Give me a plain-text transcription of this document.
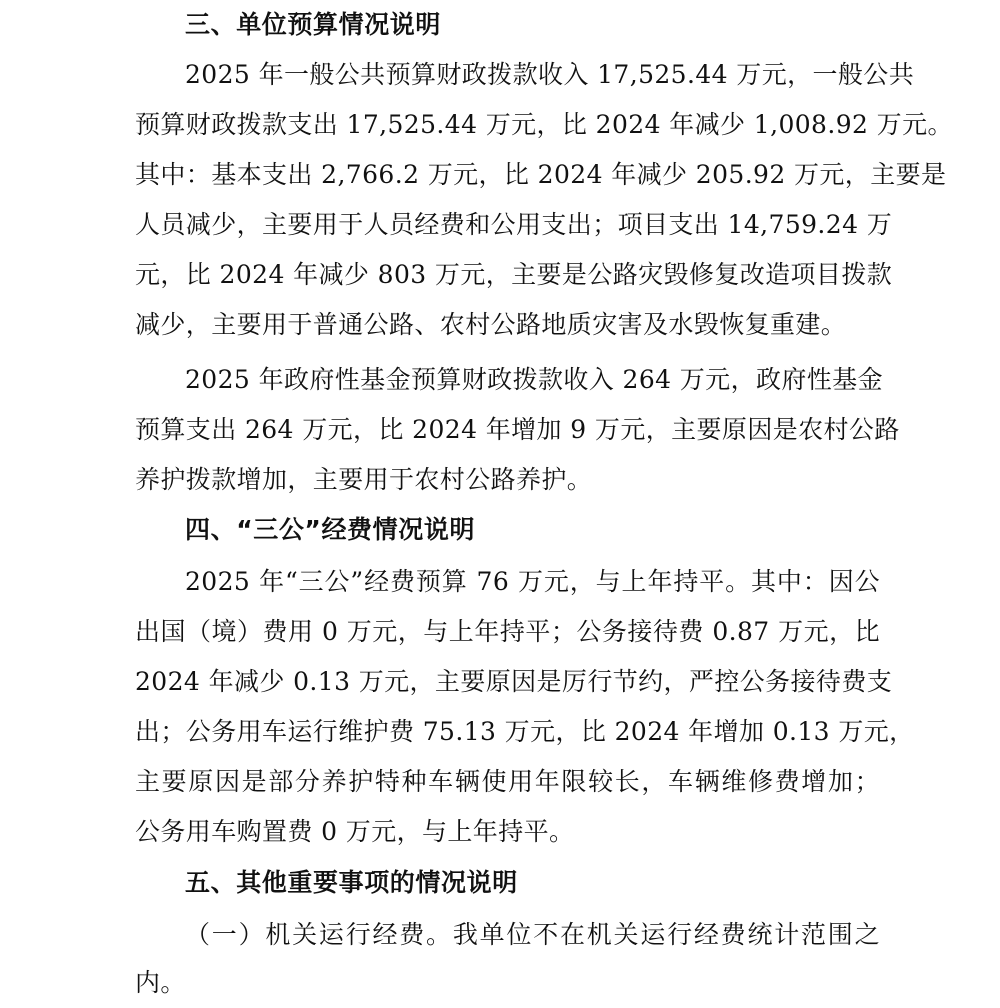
三、单位预算情况说明
2025 年一般公共预算财政拨款收入 17,525.44 万元，一般公共
预算财政拨款支出 17,525.44 万元，比 2024 年减少 1,008.92 万元。
其中：基本支出 2,766.2 万元，比 2024 年减少 205.92 万元，主要是
人员减少，主要用于人员经费和公用支出；项目支出 14,759.24 万
元，比 2024 年减少 803 万元，主要是公路灾毁修复改造项目拨款
减少，主要用于普通公路、农村公路地质灾害及水毁恢复重建。
2025 年政府性基金预算财政拨款收入 264 万元，政府性基金
预算支出 264 万元，比 2024 年增加 9 万元，主要原因是农村公路
养护拨款增加，主要用于农村公路养护。
四、“三公”经费情况说明
2025 年“三公”经费预算 76 万元，与上年持平。其中：因公
出国（境）费用 0 万元，与上年持平；公务接待费 0.87 万元，比
2024 年减少 0.13 万元，主要原因是厉行节约，严控公务接待费支
出；公务用车运行维护费 75.13 万元，比 2024 年增加 0.13 万元，
主要原因是部分养护特种车辆使用年限较长，车辆维修费增加；
公务用车购置费 0 万元，与上年持平。
五、其他重要事项的情况说明
（一）机关运行经费。我单位不在机关运行经费统计范围之
内。
